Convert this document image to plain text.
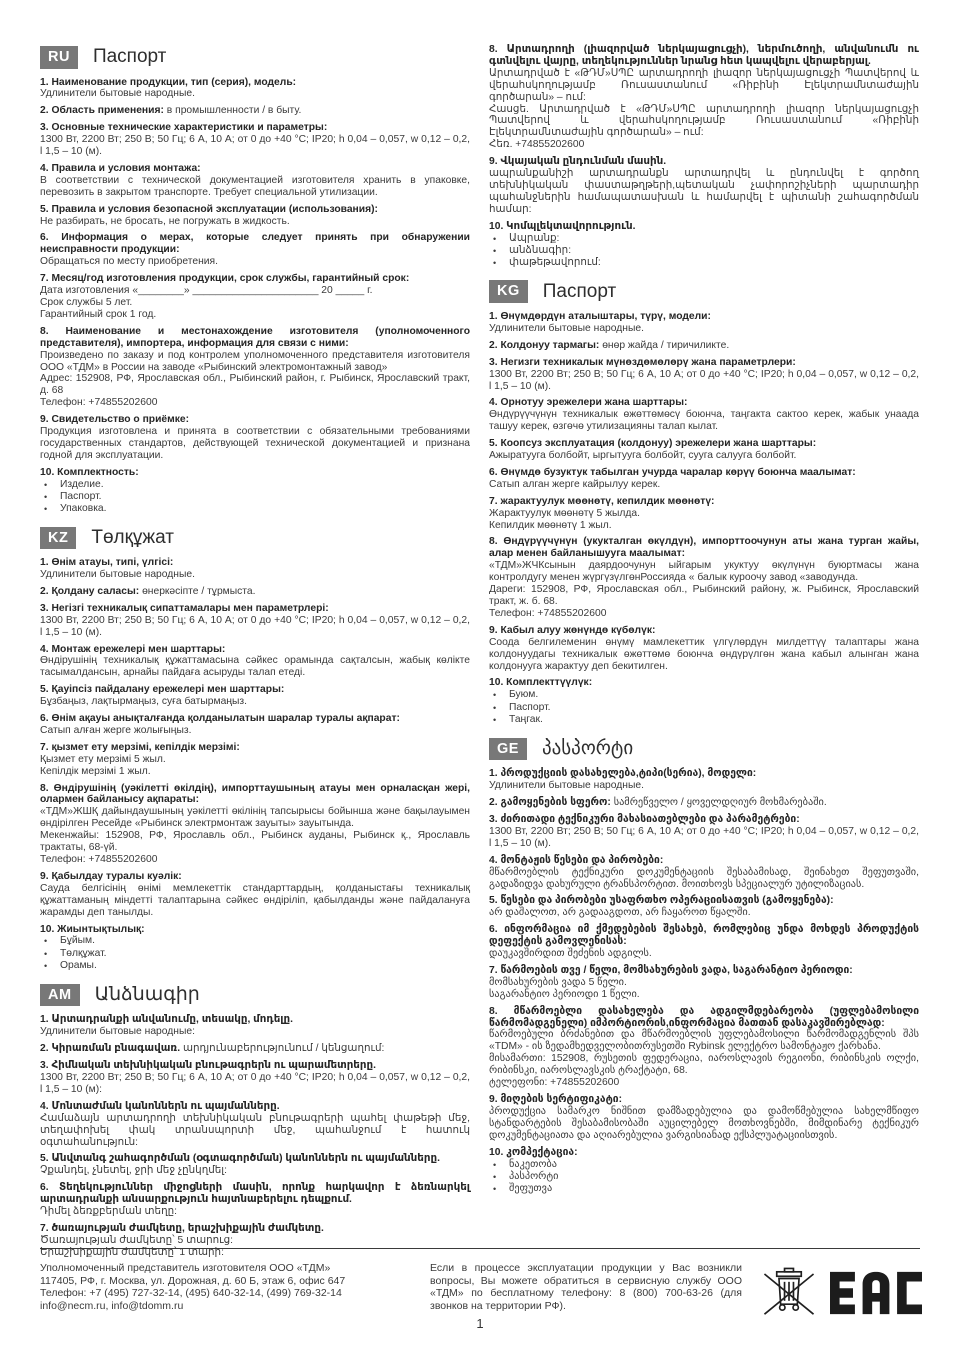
RU	Паспорт

1. Наименование продукции, тип (серия), модель:

Удлинители бытовые народные.

2. Область применения: в промышленности / в быту.

3. Основные технические характеристики и параметры:

1300 Вт, 2200 Вт; 250 В; 50 Гц; 6 А, 10 А; от 0 до +40 °С; IP20; h 0,04 – 0,057, w 0,12 – 0,2, l 1,5 – 10 (м).

4. Правила и условия монтажа:

В соответствии с технической документацией изготовителя хранить в упаковке, перевозить в закрытом транспорте. Требует специальной утилизации.

5. Правила и условия безопасной эксплуатации (использования):

Не разбирать, не бросать, не погружать в жидкость.

6. Информация о мерах, которые следует принять при обнаружении неисправности продукции:

Обращаться по месту приобретения.

7. Месяц/год изготовления продукции, срок службы, гарантийный срок:

Дата изготовления «________» ______________________ 20 _____ г.

Срок службы 5 лет.

Гарантийный срок 1 год.

8. Наименование и местонахождение изготовителя (уполномоченного представителя), импортера, информация для связи с ними:

Произведено по заказу и под контролем уполномоченного представителя изготовителя ООО «ТДМ» в России на заводе «Рыбинский электромонтажный завод»

Адрес: 152908, РФ, Ярославская обл., Рыбинский район, г. Рыбинск, Ярославский тракт, д. 68

Телефон: +74855202600

9. Свидетельство о приёмке:

Продукция изготовлена и принята в соответствии с обязательными требованиями государственных стандартов, действующей технической документацией и признана годной для эксплуатации.

10. Комплектность:

• Изделие.
• Паспорт.
• Упаковка.
KZ	Төлқұжат

1. Өнім атауы, типі, үлгісі:

Удлинители бытовые народные.

2. Қолдану саласы: өнеркәсіпте / тұрмыста.

3. Негізгі техникалық сипаттамалары мен параметрлері:

1300 Вт, 2200 Вт; 250 В; 50 Гц; 6 А, 10 А; от 0 до +40 °С; IP20; h 0,04 – 0,057, w 0,12 – 0,2, l 1,5 – 10 (м).

4. Монтаж ережелері мен шарттары:

Өндірушінің техникалық құжаттамасына сәйкес орамында сақталсын, жабық көлікте тасымалдансын, арнайы пайдаға асыруды талап етеді.

5. Қауіпсіз пайдалану ережелері мен шарттары:

Бұзбаңыз, лақтырмаңыз, суға батырмаңыз.

6. Өнім ақауы анықталғанда қолданылатын шаралар туралы ақпарат:

Сатып алған жерге жолығыңыз.

7. қызмет ету мерзімі, кепілдік мерзімі:

Қызмет ету мерзімі 5 жыл.

Кепілдік мерзімі 1 жыл.

8. Өндірушінің (уәкілетті өкілдің), импорттаушының атауы мен орналасқан жері, олармен байланысу ақпараты:

«ТДМ»ЖШҚ дайындаушының уәкілетті өкілінің тапсырысы бойынша және бақылауымен өндірілген Ресейде «Рыбинск электрмонтаж зауыты» зауытында.

Мекенжайы: 152908, РФ, Ярославль обл., Рыбинск ауданы, Рыбинск қ., Ярославль трактаты, 68-үй.

Телефон: +74855202600

9. Қабылдау туралы куәлік:

Сауда белгісінің өнімі мемлекеттік стандарттардың, қолданыстағы техникалық құжаттаманың міндетті талаптарына сәйкес өндіріліп, қабылданды және пайдалануға жарамды деп танылды.

10. Жиынтықтылық:

• Бұйым.
• Төлқұжат.
• Орамы.
AM	Անձնագիր

1. Արտադրանքի անվանումը, տեսակը, մոդելը.

Удлинители бытовые народные:

2. Կիրառման բնագավառ. արդյունաբերությունում / կենցաղում:

3. Հիմնական տեխնիկական բնութագրերն ու պարամետրերը.

1300 Вт, 2200 Вт; 250 В; 50 Гц; 6 А, 10 А; от 0 до +40 °С; IP20; h 0,04 – 0,057, w 0,12 – 0,2, l 1,5 – 10 (м):

4. Մոնտաժման կանոններն ու պայմանները.

Համաձայն արտադրողի տեխնիկական բնութագրերի պահել փաթեթի մեջ, տեղափոխել փակ տրանսպորտի մեջ, պահանջում է հատուկ օգտահանություն:

5. Անվտանգ շահագործման (օգտագործման) կանոններն ու պայմանները.

Չքանդել, չնետել, ջրի մեջ չընկղմել:

6. Տեղեկություններ միջոցների մասին, որոնք հարկավոր է ձեռնարկել արտադրանքի անսարքություն հայտնաբերելու դեպքում.

Դիմել ձեռքբերման տեղը:

7. ծառայության ժամկետը, երաշխիքային ժամկետը.

Ծառայության ժամկետը՝ 5 տարուց:

Երաշխիքային ժամկետը՝ 1 տարի:

8. Արտադրողի (լիազորված ներկայացուցչի), ներմուծողի, անվանումն ու գտնվելու վայրը, տեղեկություններ նրանց հետ կապվելու վերաբերյալ.

Արտադրված է «ԹԴՄ»ՍՊԸ արտադրողի լիազոր ներկայացուցչի Պատվերով և վերահսկողությամբ Ռուսաստանում «Ռիբինի Էլեկտրամնտաժային գործարան» – ում:

Հասցե. Արտադրված է «ԹԴՄ»ՍՊԸ արտադրողի լիազոր ներկայացուցչի Պատվերով և վերահսկողությամբ Ռուսաստանում «Ռիբինի Էլեկտրամնտաժային գործարան» – ում:

Հեռ. +74855202600

9. Վկայական ընդունման մասին.

ապրանքանիշի արտադրանքն արտադրվել և ընդունվել է գործող տեխնիկական փաստաթղթերի,պետական չափորոշիչների պարտադիր պահանջներին համապատասխան և համարվել է պիտանի շահագործման համար:

10. Կոմպլեկտավորություն.

• Ապրանք:
• անձնագիր:
• փաթեթավորում:
KG	Паспорт

1. Өнүмдөрдүн аталыштары, түрү, модели:

Удлинители бытовые народные.

2. Колдонуу тармагы: өнөр жайда / тиричиликте.

3. Негизги техникалык мүнөздөмөлөрү жана параметрлери:

1300 Вт, 2200 Вт; 250 В; 50 Гц; 6 А, 10 А; от 0 до +40 °С; IP20; h 0,04 – 0,057, w 0,12 – 0,2, l 1,5 – 10 (м).

4. Орнотуу эрежелери жана шарттары:

Өндүрүүчүнүн техникалык өжөттөмөсү боюнча, таңгакта сактоо керек, жабык унаада ташуу керек, өзгөчө утилизацияны талап кылат.

5. Коопсуз эксплуатация (колдонуу) эрежелери жана шарттары:

Ажыратууга болбойт, ыргытууга болбойт, сууга салууга болбойт.

6. Өнүмдө бузуктук табылган учурда чаралар көрүү боюнча маалымат:

Сатып алган жерге кайрылуу керек.

7. жарактуулук мөөнөтү, кепилдик мөөнөтү:

Жарактуулук мөөнөтү 5 жылда.

Кепилдик мөөнөтү 1 жыл.

8. Өндүрүүчүнүн (укукталган өкүлдүн), импорттоочунун аты жана турган жайы, алар менен байланышууга маалымат:

«ТДМ»ЖЧКсынын даярдоочунун ыйгарым укуктуу өкүлүнүн буюртмасы жана контролдугу менен жүргүзүлгөнРоссияда « балык куроочу завод «заводунда.

Дареги: 152908, РФ, Ярославская обл., Рыбинский району, ж. Рыбинск, Ярославский тракт, ж. б. 68.

Телефон: +74855202600

9. Кабыл алуу жөнүндө күбөлүк:

Соода белгилеменин өнүмү мамлекеттик үлгүлөрдүн милдеттүү талаптары жана колдонуудагы техникалык өжөттөмө боюнча өндүрүлгөн жана кабыл алынган жана колдонууга жарактуу деп бекитилген.

10. Комплекттүүлүк:

• Буюм.
• Паспорт.
• Таңгак.
GE	პასპორტი

1. პროდუქციის დასახელება,ტიპი(სერია), მოდელი:

Удлинители бытовые народные.

2. გამოყენების სფერო: სამრეწველო / ყოველდღიურ მოხმარებაში.

3. ძირითადი ტექნიკური მახასიათებლები და პარამეტრები:

1300 Вт, 2200 Вт; 250 В; 50 Гц; 6 А, 10 А; от 0 до +40 °С; IP20; h 0,04 – 0,057, w 0,12 – 0,2, l 1,5 – 10 (м).

4. მონტაჟის წესები და პირობები:

მწარმოებლის ტექნიკური დოკუმენტაციის შესაბამისად, შეინახეთ შეფუთვაში, გადაზიდვა დახურული ტრანსპორტით. მოითხოვს სპეციალურ უტილიზაციას.

5. წესები და პირობები უსაფრთხო ოპერაციისათვის (გამოყენება):

არ დაშალოთ, არ გადააგდოთ, არ ჩაყაროთ წყალში.

6. ინფორმაცია იმ ქმედებების შესახებ, რომლებიც უნდა მოხდეს პროდუქტის დეფექტის გამოვლენისას:

დაუკავშირდით შეძენის ადგილს.

7. წარმოების თვე / წელი, მომსახურების ვადა, საგარანტიო პერიოდი:

მომსახურების ვადა 5 წელი.

საგარანტიო პერიოდი 1 წელი.

8. მწარმოებლი დასახელება და ადგილმდებარეობა (უფლებამოსილი წარმომადგენელი) იმპორტიორის,ინფორმაცია მათთან დასაკავშირებლად:

წარმოებული ბრძანებით და მწარმოებლის უფლებამოსილი წარმომადგენლის შპს «TDM» - ის ზედამხედველობითრუსეთში Rybinsk ელექტრო სამონტაჟო ქარხანა.

მისამართი: 152908, რუსეთის ფედერაცია, იაროსლავის რეგიონი, რიბინსკის ოლქი, რიბინსკი, იაროსლავსკის ტრაქტატი, 68.

ტელეფონი: +74855202600

9. მიღების სერტიფიკატი:

პროდუქცია სამარკო ნიშნით დამზადებულია და დამოწმებულია სახელმწიფო სტანდარტების შესაბამისობაში აუცილებელ მოთხოვნებში, მიმდინარე ტექნიკურ დოკუმენტაციათა და აღიარებულია ვარგისიანად ექსპლუატაციისთვის.

10. კომპექტაცია:

• ნაკეთობა
• პასპორტი
• შეფუთვა
Уполномоченный представитель изготовителя ООО «ТДМ»
117405, РФ, г. Москва, ул. Дорожная, д. 60 Б, этаж 6, офис 647
Телефон: +7 (495) 727-32-14, (495) 640-32-14, (499) 769-32-14
info@necm.ru, info@tdomm.ru
Если в процессе эксплуатации продукции у Вас возникли вопросы, Вы можете обратиться в сервисную службу ООО «ТДМ» по бесплатному телефону: 8 (800) 700-63-26 (для звонков на территории РФ).
1
